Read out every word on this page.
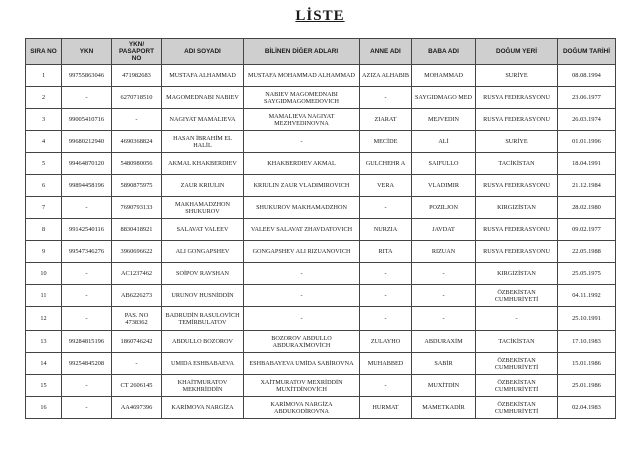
LİSTE
SIRA NO	YKN	YKN/ PASAPORT NO	ADI SOYADI	BİLİNEN DİĞER ADLARI	ANNE ADI	BABA ADI	DOĞUM YERİ	DOĞUM TARİHİ
1	99755863046	471982683	MUSTAFA ALHAMMAD	MUSTAFA MOHAMMAD ALHAMMAD	AZIZA ALHABIB	MOHAMMAD	SURİYE	08.08.1994
2	-	6270718510	MAGOMEDNABI NABIEV	NABIEV MAGOMEDNABI SAYGIDMAGOMEDOVICH	-	SAYGIDMAGO MED	RUSYA FEDERASYONU	23.06.1977
3	99005410716	-	NAGIYAT MAMALIEVA	MAMALIEVA NAGIYAT MEZHVEDINOVNA	ZIARAT	MEJVEDIN	RUSYA FEDERASYONU	26.03.1974
4	99680212940	4690368824	HASAN İBRAHİM EL HALİL	-	MECİDE	ALİ	SURİYE	01.01.1996
5	99464870120	5480980056	AKMAL KHAKBERDIEV	KHAKBERDIEV AKMAL	GULCHEHR A	SAIFULLO	TACİKİSTAN	18.04.1991
6	99894458196	5890875975	ZAUR KRIULIN	KRIULIN ZAUR VLADIMIROVICH	VERA	VLADIMIR	RUSYA FEDERASYONU	21.12.1984
7	-	7690793133	MAKHAMADZHON SHUKUROV	SHUKUROV MAKHAMADZHON	-	POZILJON	KIRGIZİSTAN	28.02.1980
8	99142540116	8830418921	SALAVAT VALEEV	VALEEV SALAVAT ZHAVDATOVICH	NURZIA	JAVDAT	RUSYA FEDERASYONU	09.02.1977
9	99547346276	3960696622	ALI GONGAPSHEV	GONGAPSHEV ALI RIZUANOVICH	RITA	RIZUAN	RUSYA FEDERASYONU	22.05.1988
10	-	AC1237462	SOİPOV RAVSHAN	-	-	-	KIRGIZİSTAN	25.05.1975
11	-	AB6226273	URUNOV HUSNİDDİN	-	-	-	ÖZBEKİSTAN CUMHURİYETİ	04.11.1992
12	-	PAS. NO 4738362	BADRUDİN RASULOVİCH TEMİRBULATOV	-	-	-	-	25.10.1991
13	99284815196	1860746242	ABDULLO BOZOROV	BOZOROV ABDULLO ABDURAXİMOVİCH	ZULAYHO	ABDURAXİM	TACİKİSTAN	17.10.1983
14	99254845208	-	UMIDA ESHBABAEVA	ESHBABAYEVA UMİDA SABİROVNA	MUHABBED	SABİR	ÖZBEKİSTAN CUMHURİYETİ	15.01.1986
15	-	CT 2606145	KHAİTMURATOV MEKHRİDDİN	XAİTMURATOV MEXRİDDİN MUXİTDİNOVİCH	-	MUXİTDİN	ÖZBEKİSTAN CUMHURİYETİ	25.01.1986
16	-	AA4697396	KARİMOVA NARGİZA	KARİMOVA NARGİZA ABDUKODİROVNA	HURMAT	MAMETKADİR	ÖZBEKİSTAN CUMHURİYETİ	02.04.1983
